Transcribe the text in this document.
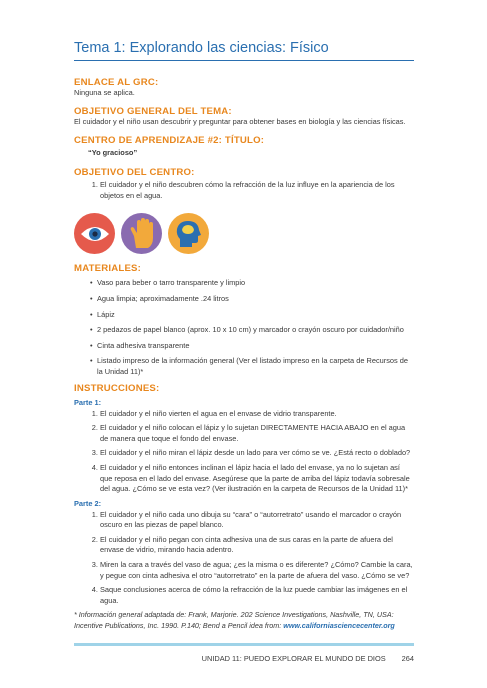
Tema 1: Explorando las ciencias: Físico

ENLACE AL GRC:

Ninguna se aplica.

OBJETIVO GENERAL DEL TEMA:

El cuidador y el niño usan descubrir y preguntar para obtener bases en biología y las ciencias físicas.

CENTRO DE APRENDIZAJE #2: TÍTULO:

“Yo gracioso”

OBJETIVO DEL CENTRO:

1. El cuidador y el niño descubren cómo la refracción de la luz influye en la apariencia de los objetos en el agua.

MATERIALES:

• Vaso para beber o tarro transparente y limpio
• Agua limpia; aproximadamente .24 litros
• Lápiz
• 2 pedazos de papel blanco (aprox. 10 x 10 cm) y marcador o crayón oscuro por cuidador/niño
• Cinta adhesiva transparente
• Listado impreso de la información general (Ver el listado impreso en la carpeta de Recursos de la Unidad 11)*

INSTRUCCIONES:

Parte 1:

1. El cuidador y el niño vierten el agua en el envase de vidrio transparente.
2. El cuidador y el niño colocan el lápiz y lo sujetan DIRECTAMENTE HACIA ABAJO en el agua de manera que toque el fondo del envase.
3. El cuidador y el niño miran el lápiz desde un lado para ver cómo se ve. ¿Está recto o doblado?
4. El cuidador y el niño entonces inclinan el lápiz hacia el lado del envase, ya no lo sujetan así que reposa en el lado del envase. Asegúrese que la parte de arriba del lápiz todavía sobresale del agua. ¿Cómo se ve esta vez? (Ver ilustración en la carpeta de Recursos de la Unidad 11)*

Parte 2:

1. El cuidador y el niño cada uno dibuja su “cara” o “autorretrato” usando el marcador o crayón oscuro en las piezas de papel blanco.
2. El cuidador y el niño pegan con cinta adhesiva una de sus caras en la parte de afuera del envase de vidrio, mirando hacia adentro.
3. Miren la cara a través del vaso de agua; ¿es la misma o es diferente? ¿Cómo? Cambie la cara, y pegue con cinta adhesiva el otro “autorretrato” en la parte de afuera del vaso. ¿Cómo se ve?
4. Saque conclusiones acerca de cómo la refracción de la luz puede cambiar las imágenes en el agua.

* Información general adaptada de: Frank, Marjorie. 202 Science Investigations, Nashville, TN, USA: Incentive Publications, Inc. 1990. P.140; Bend a Pencil idea from: www.californiasciencecenter.org

UNIDAD 11: PUEDO EXPLORAR EL MUNDO DE DIOS 264
